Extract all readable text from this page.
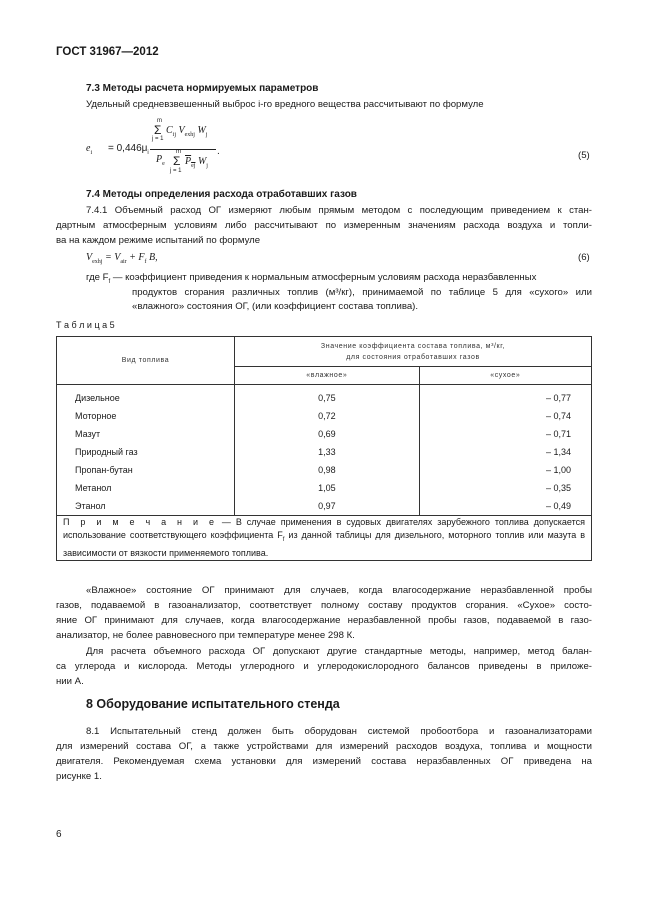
ГОСТ 31967—2012
7.3 Методы расчета нормируемых параметров
Удельный средневзвешенный выброс i-го вредного вещества рассчитывают по формуле
$e_i = 0,446\mu_i$
m
Σ
j = 1
$C_{ij}$ $V_{exhj}$ $W_j$
$P_e$
m
Σ
j = 1
$\overline{P}_{\overline{ej}}$ $W_j$
.	(5)
7.4 Методы определения расхода отработавших газов
7.4.1 Объемный расход ОГ измеряют любым прямым методом с последующим приведением к стан-
дартным атмосферным условиям либо рассчитывают по измеренным значениям расхода воздуха и топли-
ва на каждом режиме испытаний по формуле
$V_{exhj} = V_{air} + F_f$ B,	(6)
где $F_f$ — коэффициент приведения к нормальным атмосферным условиям расхода неразбавленных
продуктов сгорания различных топлив (м³/кг), принимаемой по таблице 5 для «сухого» или
«влажного» состояния ОГ, (или коэффициент состава топлива).
Т а б л и ц а 5
Вид топлива	Значение коэффициента состава топлива, м³/кг,
для состояния отработавших газов	

	«влажное»	«сухое»
Дизельное	0,75	– 0,77
Моторное	0,72	– 0,74
Мазут	0,69	– 0,71
Природный газ	1,33	– 1,34
Пропан-бутан	0,98	– 1,00
Метанол	1,05	– 0,35
Этанол	0,97	– 0,49
П р и м е ч а н и е — В случае применения в судовых двигателях зарубежного топлива допускается использование соответствующего коэффициента $F_f$ из данной таблицы для дизельного, моторного топлив или мазута в зависимости от вязкости применяемого топлива.		
«Влажное» состояние ОГ принимают для случаев, когда влагосодержание неразбавленной пробы
газов, подаваемой в газоанализатор, соответствует полному составу продуктов сгорания. «Сухое» состо-
яние ОГ принимают для случаев, когда влагосодержание неразбавленной пробы газов, подаваемой в газо-
анализатор, не более равновесного при температуре менее 298 К.
Для расчета объемного расхода ОГ допускают другие стандартные методы, например, метод балан-
са углерода и кислорода. Методы углеродного и углеродокислородного балансов приведены в приложе-
нии А.
8 Оборудование испытательного стенда
8.1 Испытательный стенд должен быть оборудован системой пробоотбора и газоанализаторами
для измерений состава ОГ, а также устройствами для измерений расходов воздуха, топлива и мощности
двигателя. Рекомендуемая схема установки для измерений состава неразбавленных ОГ приведена на
рисунке 1.
6
